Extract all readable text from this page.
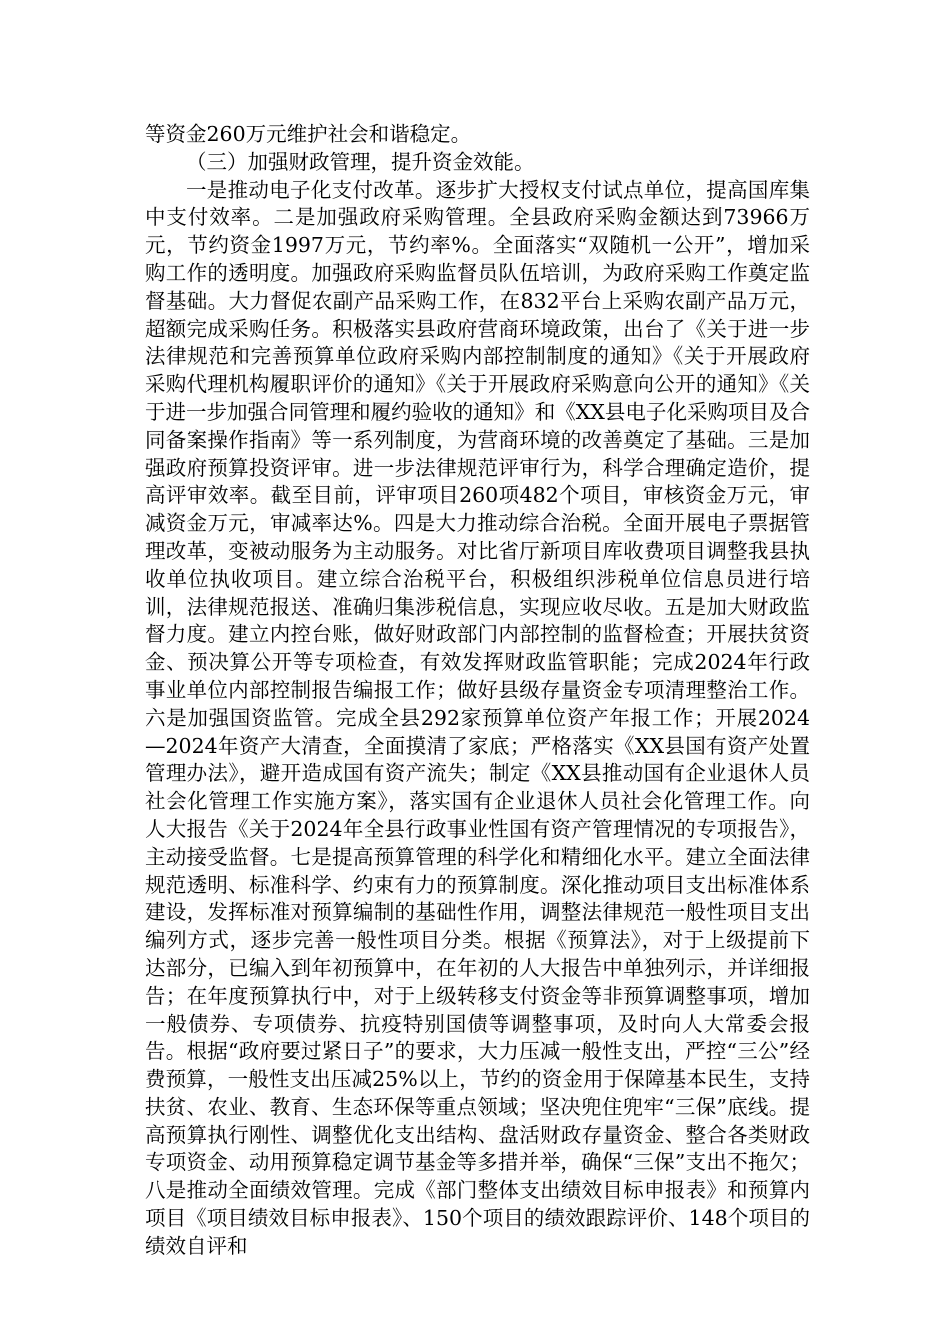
等资金260万元维护社会和谐稳定。

（三）加强财政管理，提升资金效能。

一是推动电子化支付改革。逐步扩大授权支付试点单位，提高国库集中支付效率。二是加强政府采购管理。全县政府采购金额达到73966万元，节约资金1997万元，节约率%。全面落实“双随机一公开”，增加采购工作的透明度。加强政府采购监督员队伍培训，为政府采购工作奠定监督基础。大力督促农副产品采购工作，在832平台上采购农副产品万元，超额完成采购任务。积极落实县政府营商环境政策，出台了《关于进一步法律规范和完善预算单位政府采购内部控制制度的通知》《关于开展政府采购代理机构履职评价的通知》《关于开展政府采购意向公开的通知》《关于进一步加强合同管理和履约验收的通知》和《XX县电子化采购项目及合同备案操作指南》等一系列制度，为营商环境的改善奠定了基础。三是加强政府预算投资评审。进一步法律规范评审行为，科学合理确定造价，提高评审效率。截至目前，评审项目260项482个项目，审核资金万元，审减资金万元，审减率达%。四是大力推动综合治税。全面开展电子票据管理改革，变被动服务为主动服务。对比省厅新项目库收费项目调整我县执收单位执收项目。建立综合治税平台，积极组织涉税单位信息员进行培训，法律规范报送、准确归集涉税信息，实现应收尽收。五是加大财政监督力度。建立内控台账，做好财政部门内部控制的监督检查；开展扶贫资金、预决算公开等专项检查，有效发挥财政监管职能；完成2024年行政事业单位内部控制报告编报工作；做好县级存量资金专项清理整治工作。六是加强国资监管。完成全县292家预算单位资产年报工作；开展2024—2024年资产大清查，全面摸清了家底；严格落实《XX县国有资产处置管理办法》，避开造成国有资产流失；制定《XX县推动国有企业退休人员社会化管理工作实施方案》，落实国有企业退休人员社会化管理工作。向人大报告《关于2024年全县行政事业性国有资产管理情况的专项报告》，主动接受监督。七是提高预算管理的科学化和精细化水平。建立全面法律规范透明、标准科学、约束有力的预算制度。深化推动项目支出标准体系建设，发挥标准对预算编制的基础性作用，调整法律规范一般性项目支出编列方式，逐步完善一般性项目分类。根据《预算法》，对于上级提前下达部分，已编入到年初预算中，在年初的人大报告中单独列示，并详细报告；在年度预算执行中，对于上级转移支付资金等非预算调整事项，增加一般债券、专项债券、抗疫特别国债等调整事项，及时向人大常委会报告。根据“政府要过紧日子”的要求，大力压减一般性支出，严控“三公”经费预算，一般性支出压减25%以上，节约的资金用于保障基本民生，支持扶贫、农业、教育、生态环保等重点领域；坚决兜住兜牢“三保”底线。提高预算执行刚性、调整优化支出结构、盘活财政存量资金、整合各类财政专项资金、动用预算稳定调节基金等多措并举，确保“三保”支出不拖欠；八是推动全面绩效管理。完成《部门整体支出绩效目标申报表》和预算内项目《项目绩效目标申报表》、150个项目的绩效跟踪评价、148个项目的绩效自评和
